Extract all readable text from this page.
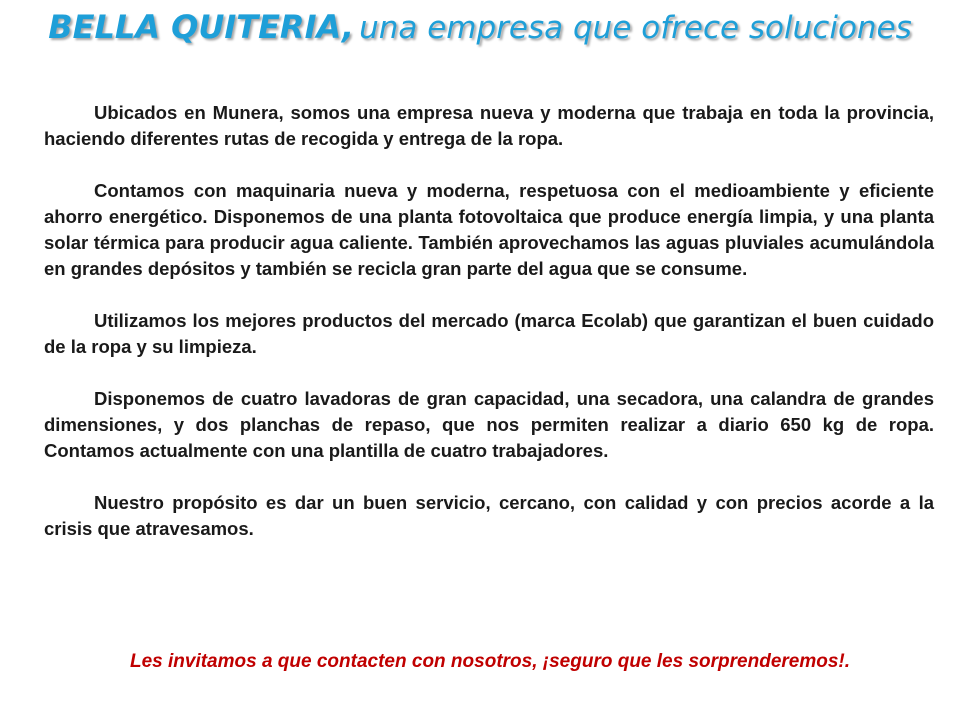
BELLA QUITERIA, una empresa que ofrece soluciones

Ubicados en Munera, somos una empresa nueva y moderna que trabaja en toda la provincia, haciendo diferentes rutas de recogida y entrega de la ropa.

Contamos con maquinaria nueva y moderna, respetuosa con el medioambiente y eficiente ahorro energético. Disponemos de una planta fotovoltaica que produce energía limpia, y una planta solar térmica para producir agua caliente. También aprovechamos las aguas pluviales acumulándola en grandes depósitos y también se recicla gran parte del agua que se consume.

Utilizamos los mejores productos del mercado (marca Ecolab) que garantizan el buen cuidado de la ropa y su limpieza.

Disponemos de cuatro lavadoras de gran capacidad, una secadora, una calandra de grandes dimensiones, y dos planchas de repaso, que nos permiten realizar a diario 650 kg de ropa. Contamos actualmente con una plantilla de cuatro trabajadores.

Nuestro propósito es dar un buen servicio, cercano, con calidad y con precios acorde a la crisis que atravesamos.

Les invitamos a que contacten con nosotros, ¡seguro que les sorprenderemos!.
